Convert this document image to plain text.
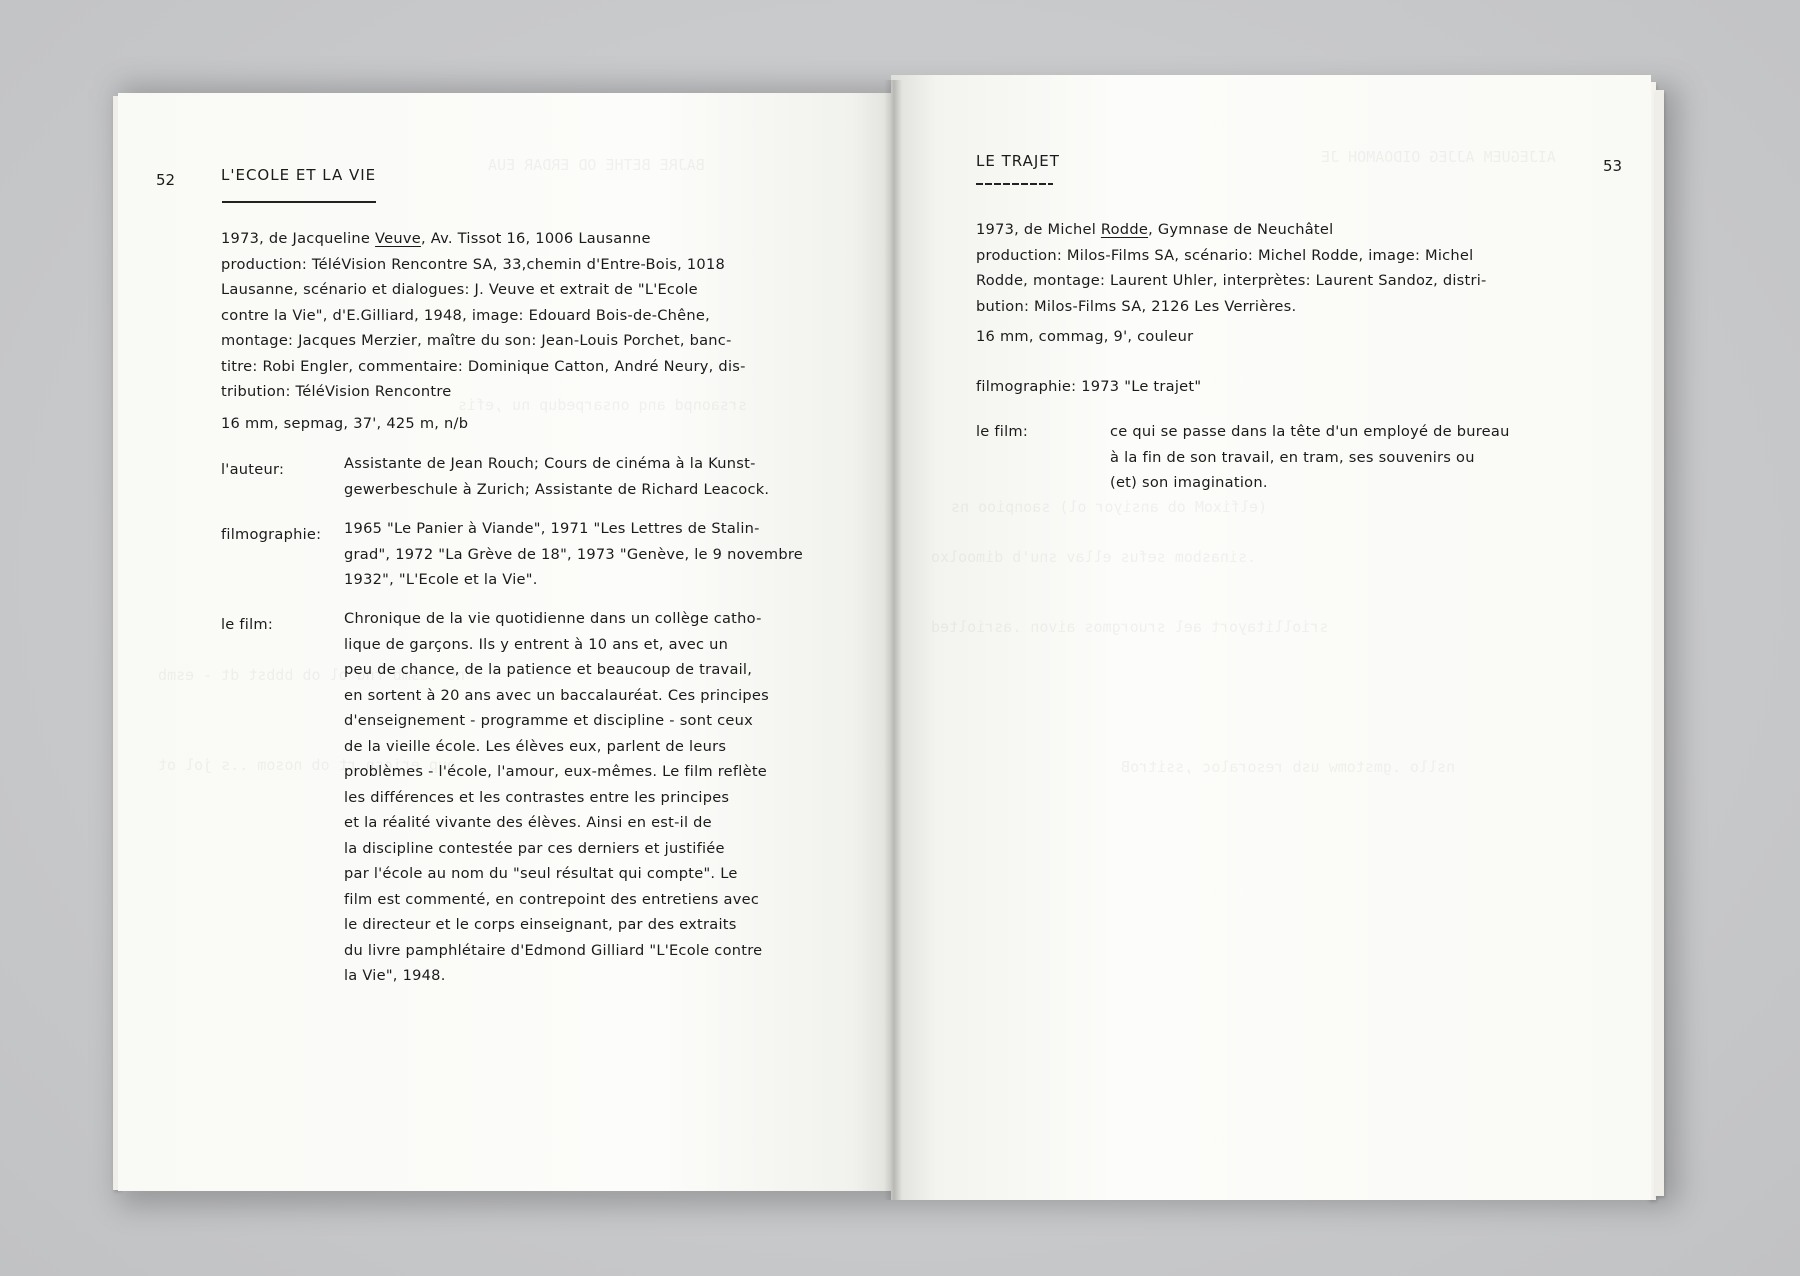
BAJRE BETHE OD ERDAR EUA
srsaonpd anq onsarpedup nu ,efis
nU .esmb rnu ol ob bbbst dt - esmb
oup eriosn rt ob nosom ..s jol ot
52	L'ECOLE ET LA VIE
1973, de Jacqueline Veuve, Av. Tissot 16, 1006 Lausanne
production: TéléVision Rencontre SA, 33,chemin d'Entre-Bois, 1018
Lausanne, scénario et dialogues: J. Veuve et extrait de "L'Ecole
contre la Vie", d'E.Gilliard, 1948, image: Edouard Bois-de-Chêne,
montage: Jacques Merzier, maître du son: Jean-Louis Porchet, banc-
titre: Robi Engler, commentaire: Dominique Catton, André Neury, dis-
tribution: TéléVision Rencontre
16 mm, sepmag, 37', 425 m, n/b
l'auteur:	Assistante de Jean Rouch; Cours de cinéma à la Kunst-
gewerbeschule à Zurich; Assistante de Richard Leacock.
filmographie: 1965 "Le Panier à Viande", 1971 "Les Lettres de Stalin-
grad", 1972 "La Grève de 18", 1973 "Genève, le 9 novembre
1932", "L'Ecole et la Vie".
le film:	Chronique de la vie quotidienne dans un collège catho-
lique de garçons. Ils y entrent à 10 ans et, avec un
peu de chance, de la patience et beaucoup de travail,
en sortent à 20 ans avec un baccalauréat. Ces principes
d'enseignement - programme et discipline - sont ceux
de la vieille école. Les élèves eux, parlent de leurs
problèmes - l'école, l'amour, eux-mêmes. Le film reflète
les différences et les contrastes entre les principes
et la réalité vivante des élèves. Ainsi en est-il de
la discipline contestée par ces derniers et justifiée
par l'école au nom du "seul résultat qui compte". Le
film est commenté, en contrepoint des entretiens avec
le directeur et le corps einseignant, par des extraits
du livre pamphlétaire d'Edmond Gilliard "L'Ecole contre
la Vie", 1948.
AIJEGUEM AJJEG OIDOAMOH JE
(elfixoM ob ansiyor ol) saonpioo ns
.sinasbom sefus ellav snu'b dimoolxo
sriollitayort ael sruorgmos aivon .asriolted
nsllo .gmstomw usb resoraloc ,ssitroB
53
LE TRAJET
1973, de Michel Rodde, Gymnase de Neuchâtel
production: Milos-Films SA, scénario: Michel Rodde, image: Michel
Rodde, montage: Laurent Uhler, interprètes: Laurent Sandoz, distri-
bution: Milos-Films SA, 2126 Les Verrières.
16 mm, commag, 9', couleur
filmographie: 1973 "Le trajet"
le film:	ce qui se passe dans la tête d'un employé de bureau
à la fin de son travail, en tram, ses souvenirs ou
(et) son imagination.
